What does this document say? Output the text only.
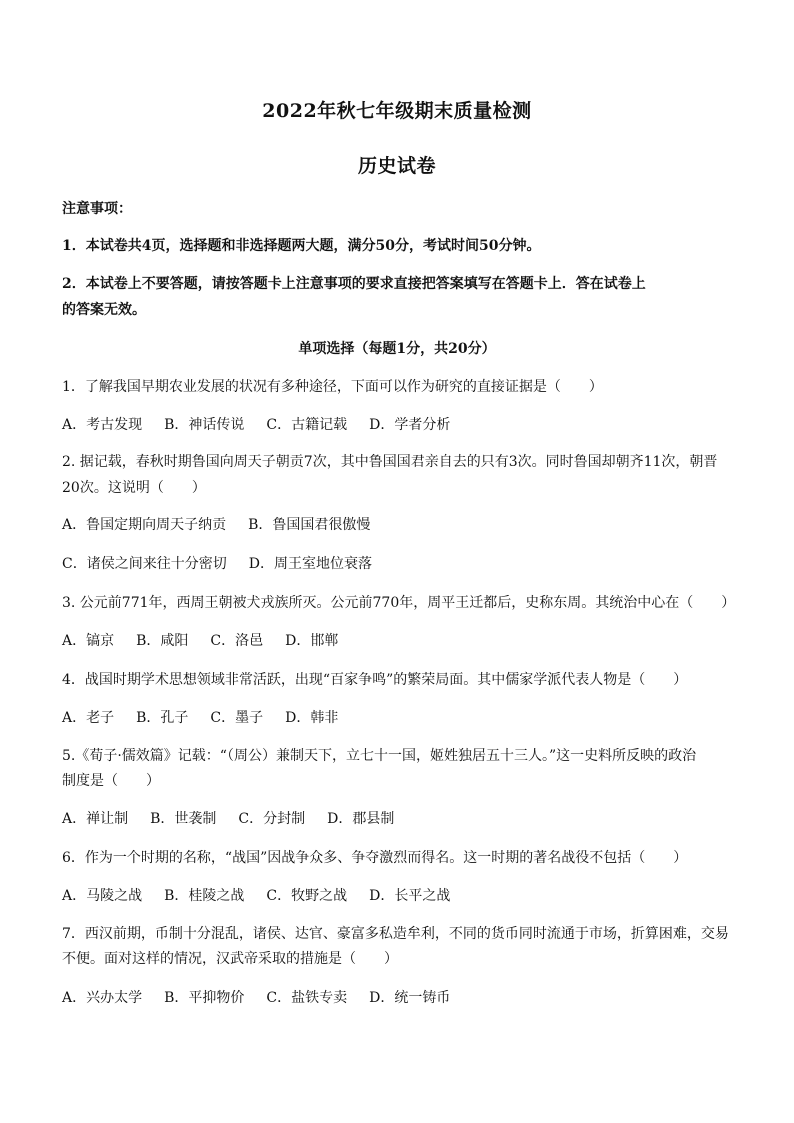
2022年秋七年级期末质量检测
历史试卷
注意事项：
1．本试卷共4页，选择题和非选择题两大题，满分50分，考试时间50分钟。
2．本试卷上不要答题，请按答题卡上注意事项的要求直接把答案填写在答题卡上．答在试卷上
的答案无效。
单项选择（每题1分，共20分）
1．了解我国早期农业发展的状况有多种途径，下面可以作为研究的直接证据是（　　）
A．考古发现 B．神话传说 C．古籍记载 D．学者分析
2. 据记载，春秋时期鲁国向周天子朝贡7次，其中鲁国国君亲自去的只有3次。同时鲁国却朝齐11次，朝晋
20次。这说明（　　）
A．鲁国定期向周天子纳贡 B．鲁国国君很傲慢
C．诸侯之间来往十分密切 D．周王室地位衰落
3. 公元前771年，西周王朝被犬戎族所灭。公元前770年，周平王迁都后，史称东周。其统治中心在（　　）
A．镐京 B．咸阳 C．洛邑 D．邯郸
4．战国时期学术思想领域非常活跃，出现“百家争鸣”的繁荣局面。其中儒家学派代表人物是（　　）
A．老子 B．孔子 C．墨子 D．韩非
5.《荀子·儒效篇》记载：“（周公）兼制天下，立七十一国，姬姓独居五十三人。”这一史料所反映的政治
制度是（　　）
A．禅让制 B．世袭制 C．分封制 D．郡县制
6．作为一个时期的名称，“战国”因战争众多、争夺激烈而得名。这一时期的著名战役不包括（　　）
A．马陵之战 B．桂陵之战 C．牧野之战 D．长平之战
7．西汉前期，币制十分混乱，诸侯、达官、豪富多私造牟利，不同的货币同时流通于市场，折算困难，交易
不便。面对这样的情况，汉武帝采取的措施是（　　）
A．兴办太学 B．平抑物价 C．盐铁专卖 D．统一铸币
